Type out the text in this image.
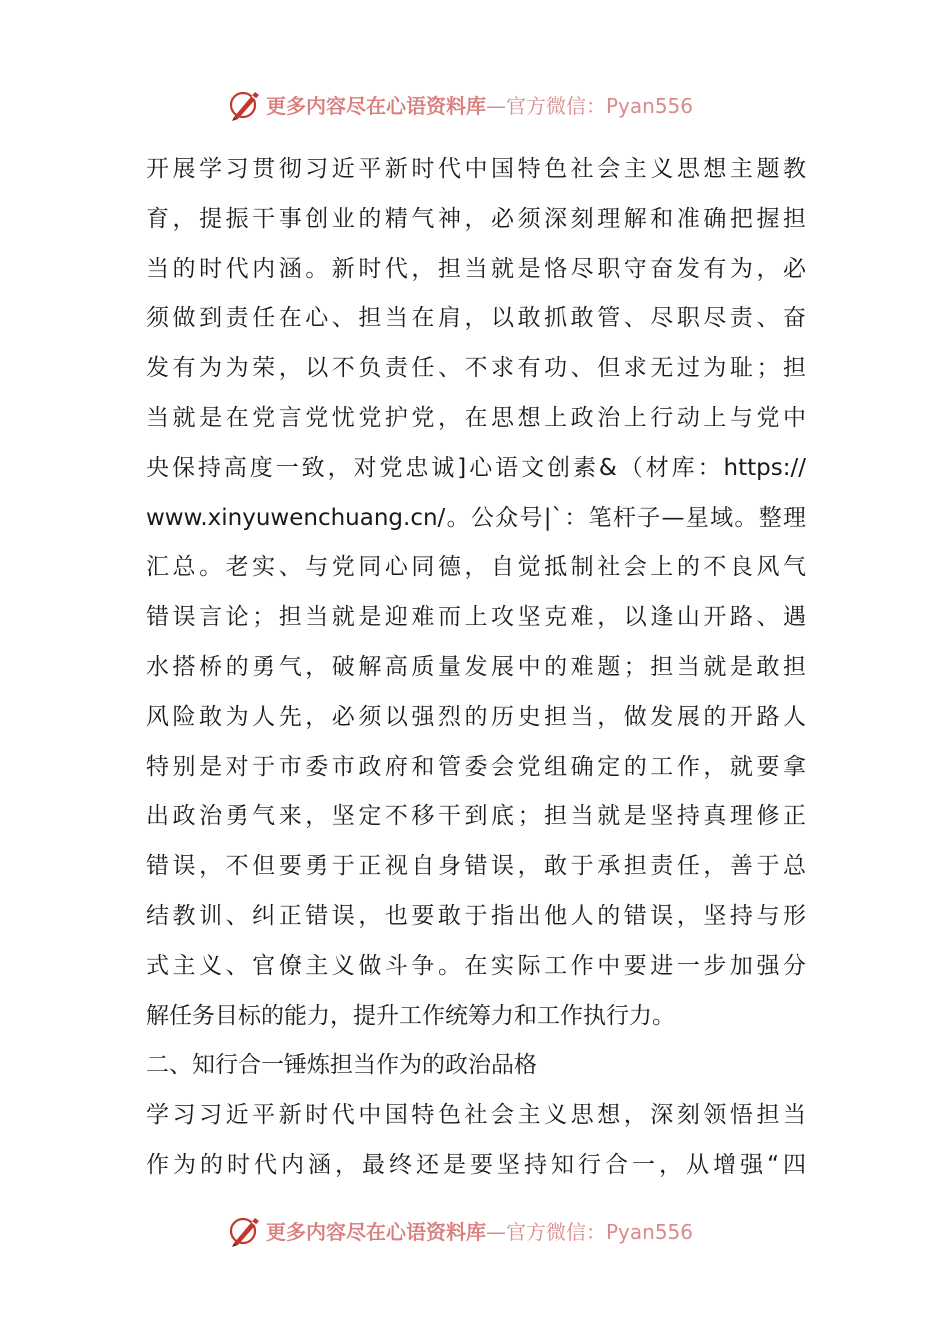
更多内容尽在心语资料库 —官方微信：Pyan556
开展学习贯彻习近平新时代中国特色社会主义思想主题教
育，提振干事创业的精气神，必须深刻理解和准确把握担
当的时代内涵。新时代，担当就是恪尽职守奋发有为，必
须做到责任在心、担当在肩，以敢抓敢管、尽职尽责、奋
发有为为荣，以不负责任、不求有功、但求无过为耻；担
当就是在党言党忧党护党，在思想上政治上行动上与党中
央保持高度一致，对党忠诚]心语文创素&（材库：https://
www.xinyuwenchuang.cn/。公众号|`：笔杆子—星域。整理
汇总。老实、与党同心同德，自觉抵制社会上的不良风气
错误言论；担当就是迎难而上攻坚克难，以逢山开路、遇
水搭桥的勇气，破解高质量发展中的难题；担当就是敢担
风险敢为人先，必须以强烈的历史担当，做发展的开路人
特别是对于市委市政府和管委会党组确定的工作，就要拿
出政治勇气来，坚定不移干到底；担当就是坚持真理修正
错误，不但要勇于正视自身错误，敢于承担责任，善于总
结教训、纠正错误，也要敢于指出他人的错误，坚持与形
式主义、官僚主义做斗争。在实际工作中要进一步加强分
解任务目标的能力，提升工作统筹力和工作执行力。
二、知行合一锤炼担当作为的政治品格
学习习近平新时代中国特色社会主义思想，深刻领悟担当
作为的时代内涵，最终还是要坚持知行合一，从增强“四
更多内容尽在心语资料库 —官方微信：Pyan556
